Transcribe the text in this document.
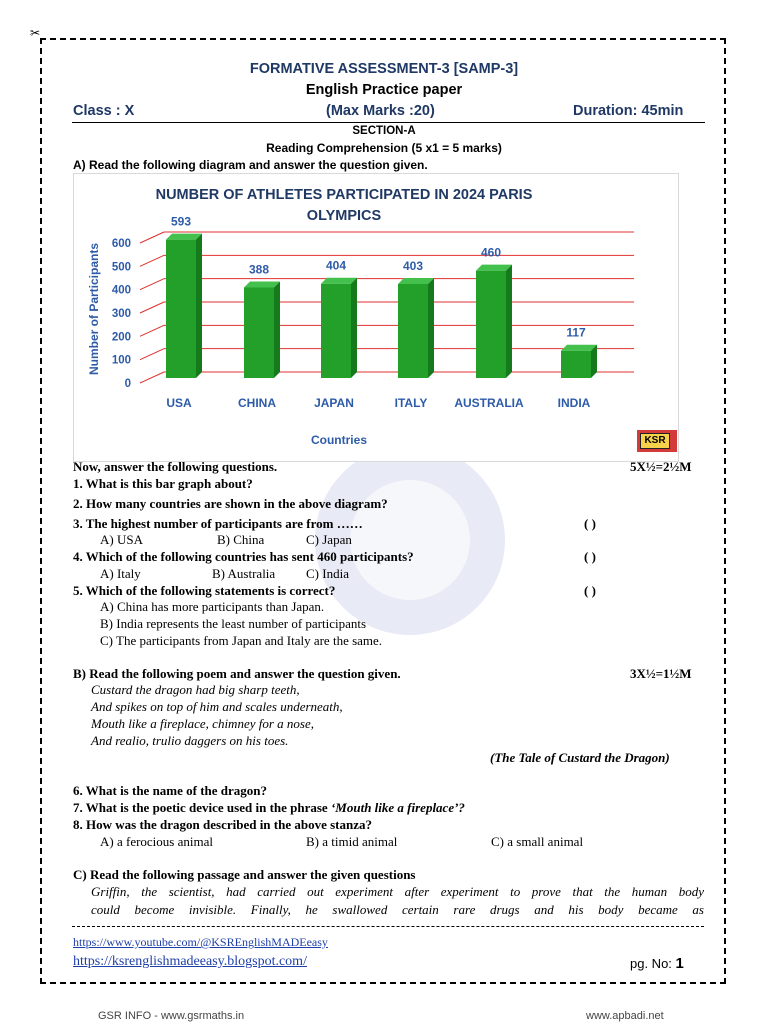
✂
FORMATIVE ASSESSMENT-3 [SAMP-3]
English Practice paper
Class : X	(Max Marks :20)	Duration: 45min
SECTION-A
Reading Comprehension (5 x1 = 5 marks)
A) Read the following diagram and answer the question given.
NUMBER OF ATHLETES PARTICIPATED IN 2024 PARIS
OLYMPICS
Number of Participants
Countries
0
100
200
300
400
500
600
593
388	404	403
460
117
USA	CHINA	JAPAN	ITALY AUSTRALIA	INDIA
KSR
Now, answer the following questions.	5X½=2½M
1. What is this bar graph about?
2. How many countries are shown in the above diagram?
3. The highest number of participants are from ……	( )
A) USA	B) China	C) Japan
4. Which of the following countries has sent 460 participants?	( )
A) Italy	B) Australia C) India
5. Which of the following statements is correct?	( )
A) China has more participants than Japan.
B) India represents the least number of participants
C) The participants from Japan and Italy are the same.
B) Read the following poem and answer the question given.	3X½=1½M
Custard the dragon had big sharp teeth,
And spikes on top of him and scales underneath,
Mouth like a fireplace, chimney for a nose,
And realio, trulio daggers on his toes.
(The Tale of Custard the Dragon)
6. What is the name of the dragon?
7. What is the poetic device used in the phrase ‘Mouth like a fireplace’?
8. How was the dragon described in the above stanza?
A) a ferocious animal	B) a timid animal	C) a small animal
C) Read the following passage and answer the given questions
Griffin, the scientist, had carried out experiment after experiment to prove that the human body
could become invisible. Finally, he swallowed certain rare drugs and his body became as
https://www.youtube.com/@KSREnglishMADEeasy
https://ksrenglishmadeeasy.blogspot.com/	pg. No: 1
GSR INFO - www.gsrmaths.in	www.apbadi.net
